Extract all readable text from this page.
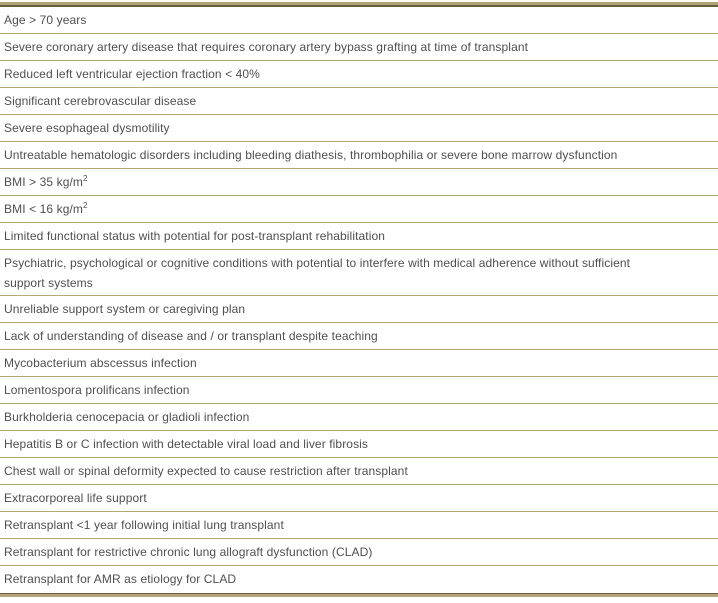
Age > 70 years
Severe coronary artery disease that requires coronary artery bypass grafting at time of transplant
Reduced left ventricular ejection fraction < 40%
Significant cerebrovascular disease
Severe esophageal dysmotility
Untreatable hematologic disorders including bleeding diathesis, thrombophilia or severe bone marrow dysfunction
BMI > 35 $kg/m^2$
BMI < 16 $kg/m^2$
Limited functional status with potential for post-transplant rehabilitation
Psychiatric, psychological or cognitive conditions with potential to interfere with medical adherence without sufficient support systems
Unreliable support system or caregiving plan
Lack of understanding of disease and / or transplant despite teaching
Mycobacterium abscessus infection
Lomentospora prolificans infection
Burkholderia cenocepacia or gladioli infection
Hepatitis B or C infection with detectable viral load and liver fibrosis
Chest wall or spinal deformity expected to cause restriction after transplant
Extracorporeal life support
Retransplant <1 year following initial lung transplant
Retransplant for restrictive chronic lung allograft dysfunction (CLAD)
Retransplant for AMR as etiology for CLAD
